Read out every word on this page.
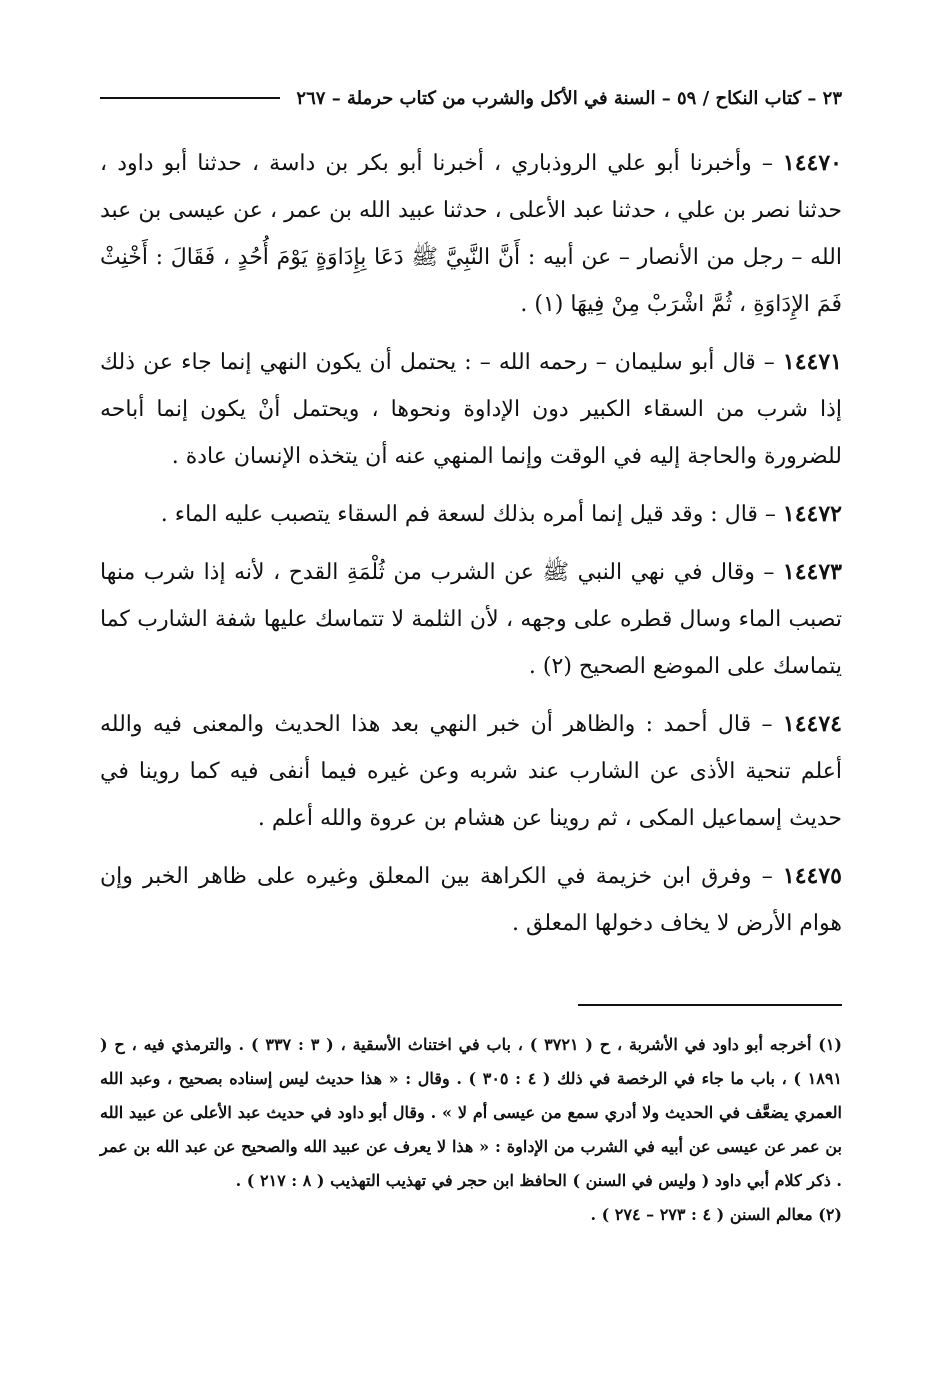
٢٣ – كتاب النكاح / ٥٩ – السنة في الأكل والشرب من كتاب حرملة – ٢٦٧

١٤٤٧٠ – وأخبرنا أبو علي الروذباري ، أخبرنا أبو بكر بن داسة ، حدثنا أبو داود ، حدثنا نصر بن علي ، حدثنا عبد الأعلى ، حدثنا عبيد الله بن عمر ، عن عيسى بن عبد الله – رجل من الأنصار – عن أبيه : أَنَّ النَّبِيَّ ﷺ دَعَا بِإِدَاوَةٍ يَوْمَ أُحُدٍ ، فَقَالَ : أَخْنِثْ فَمَ الإِدَاوَةِ ، ثُمَّ اشْرَبْ مِنْ فِيهَا (١) .

١٤٤٧١ – قال أبو سليمان – رحمه الله – : يحتمل أن يكون النهي إنما جاء عن ذلك إذا شرب من السقاء الكبير دون الإداوة ونحوها ، ويحتمل أنْ يكون إنما أباحه للضرورة والحاجة إليه في الوقت وإنما المنهي عنه أن يتخذه الإنسان عادة .

١٤٤٧٢ – قال : وقد قيل إنما أمره بذلك لسعة فم السقاء يتصبب عليه الماء .

١٤٤٧٣ – وقال في نهي النبي ﷺ عن الشرب من ثُلْمَةِ القدح ، لأنه إذا شرب منها تصبب الماء وسال قطره على وجهه ، لأن الثلمة لا تتماسك عليها شفة الشارب كما يتماسك على الموضع الصحيح (٢) .

١٤٤٧٤ – قال أحمد : والظاهر أن خبر النهي بعد هذا الحديث والمعنى فيه والله أعلم تنحية الأذى عن الشارب عند شربه وعن غيره فيما أنفى فيه كما روينا في حديث إسماعيل المكى ، ثم روينا عن هشام بن عروة والله أعلم .

١٤٤٧٥ – وفرق ابن خزيمة في الكراهة بين المعلق وغيره على ظاهر الخبر وإن هوام الأرض لا يخاف دخولها المعلق .

(١) أخرجه أبو داود في الأشربة ، ح ( ٣٧٢١ ) ، باب في اختناث الأسقية ، ( ٣ : ٣٣٧ ) . والترمذي فيه ، ح ( ١٨٩١ ) ، باب ما جاء في الرخصة في ذلك ( ٤ : ٣٠٥ ) . وقال : « هذا حديث ليس إسناده بصحيح ، وعبد الله العمري يضعَّف في الحديث ولا أدري سمع من عيسى أم لا » . وقال أبو داود في حديث عبد الأعلى عن عبيد الله بن عمر عن عيسى عن أبيه في الشرب من الإداوة : « هذا لا يعرف عن عبيد الله والصحيح عن عبد الله بن عمر . ذكر كلام أبي داود ( وليس في السنن ) الحافظ ابن حجر في تهذيب التهذيب ( ٨ : ٢١٧ ) .

(٢) معالم السنن ( ٤ : ٢٧٣ – ٢٧٤ ) .
